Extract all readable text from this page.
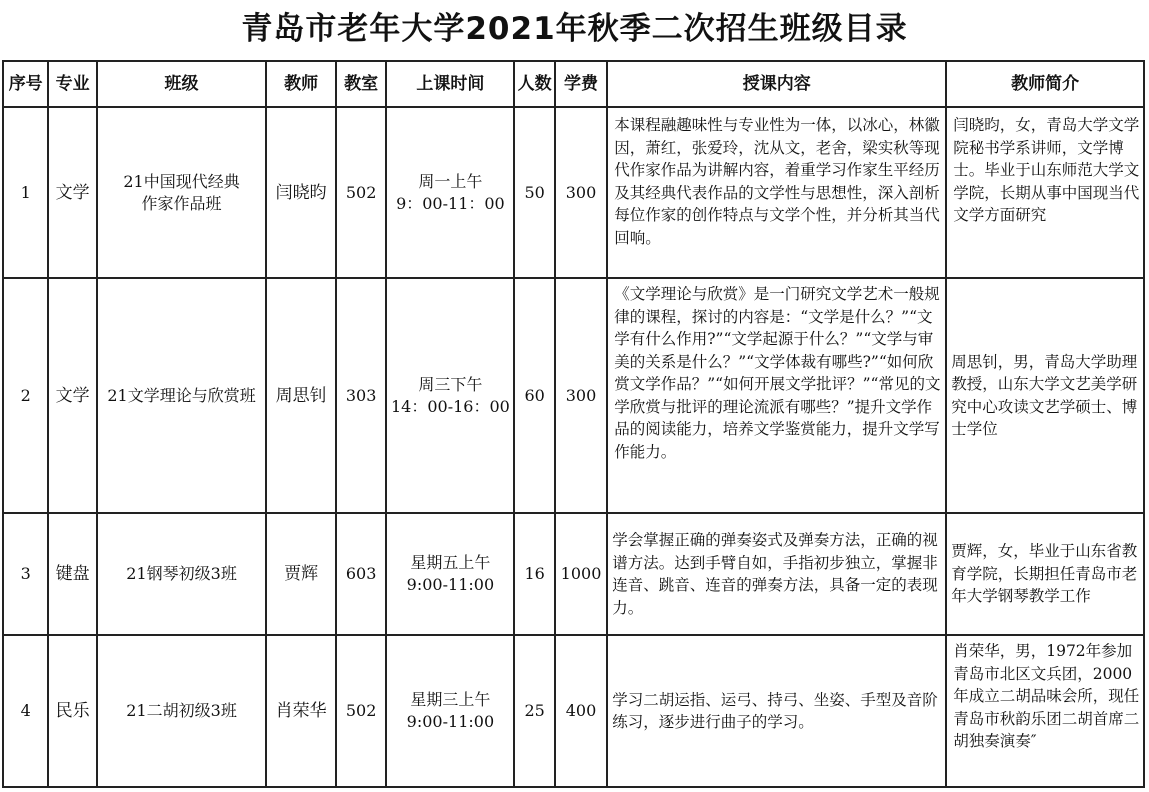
青岛市老年大学2021年秋季二次招生班级目录
序号	专业	班级	教师	教室	上课时间	人数	学费	授课内容	教师简介
1	文学	21中国现代经典作家作品班	闫晓昀	502	周一上午
9：00-11：00	50	300	本课程融趣味性与专业性为一体，以冰心，林徽因，萧红，张爱玲，沈从文，老舍，梁实秋等现代作家作品为讲解内容，着重学习作家生平经历及其经典代表作品的文学性与思想性，深入剖析每位作家的创作特点与文学个性，并分析其当代回响。	闫晓昀，女，青岛大学文学院秘书学系讲师，文学博士。毕业于山东师范大学文学院，长期从事中国现当代文学方面研究
2	文学	21文学理论与欣赏班	周思钊	303	周三下午
14：00-16：00	60	300	《文学理论与欣赏》是一门研究文学艺术一般规律的课程，探讨的内容是：“文学是什么？”“文学有什么作用?”“文学起源于什么？”“文学与审美的关系是什么？”“文学体裁有哪些?”“如何欣赏文学作品？”“如何开展文学批评？”“常见的文学欣赏与批评的理论流派有哪些？”提升文学作品的阅读能力，培养文学鉴赏能力，提升文学写作能力。	周思钊，男，青岛大学助理教授，山东大学文艺美学研究中心攻读文艺学硕士、博士学位
3	键盘	21钢琴初级3班	贾辉	603	星期五上午
9:00-11:00	16	1000	学会掌握正确的弹奏姿式及弹奏方法，正确的视谱方法。达到手臂自如，手指初步独立，掌握非连音、跳音、连音的弹奏方法，具备一定的表现力。	贾辉，女，毕业于山东省教育学院，长期担任青岛市老年大学钢琴教学工作
4	民乐	21二胡初级3班	肖荣华	502	星期三上午
9:00-11:00	25	400	学习二胡运指、运弓、持弓、坐姿、手型及音阶练习，逐步进行曲子的学习。	肖荣华，男，1972年参加青岛市北区文兵团，2000年成立二胡品味会所，现任青岛市秋韵乐团二胡首席二胡独奏演奏″
